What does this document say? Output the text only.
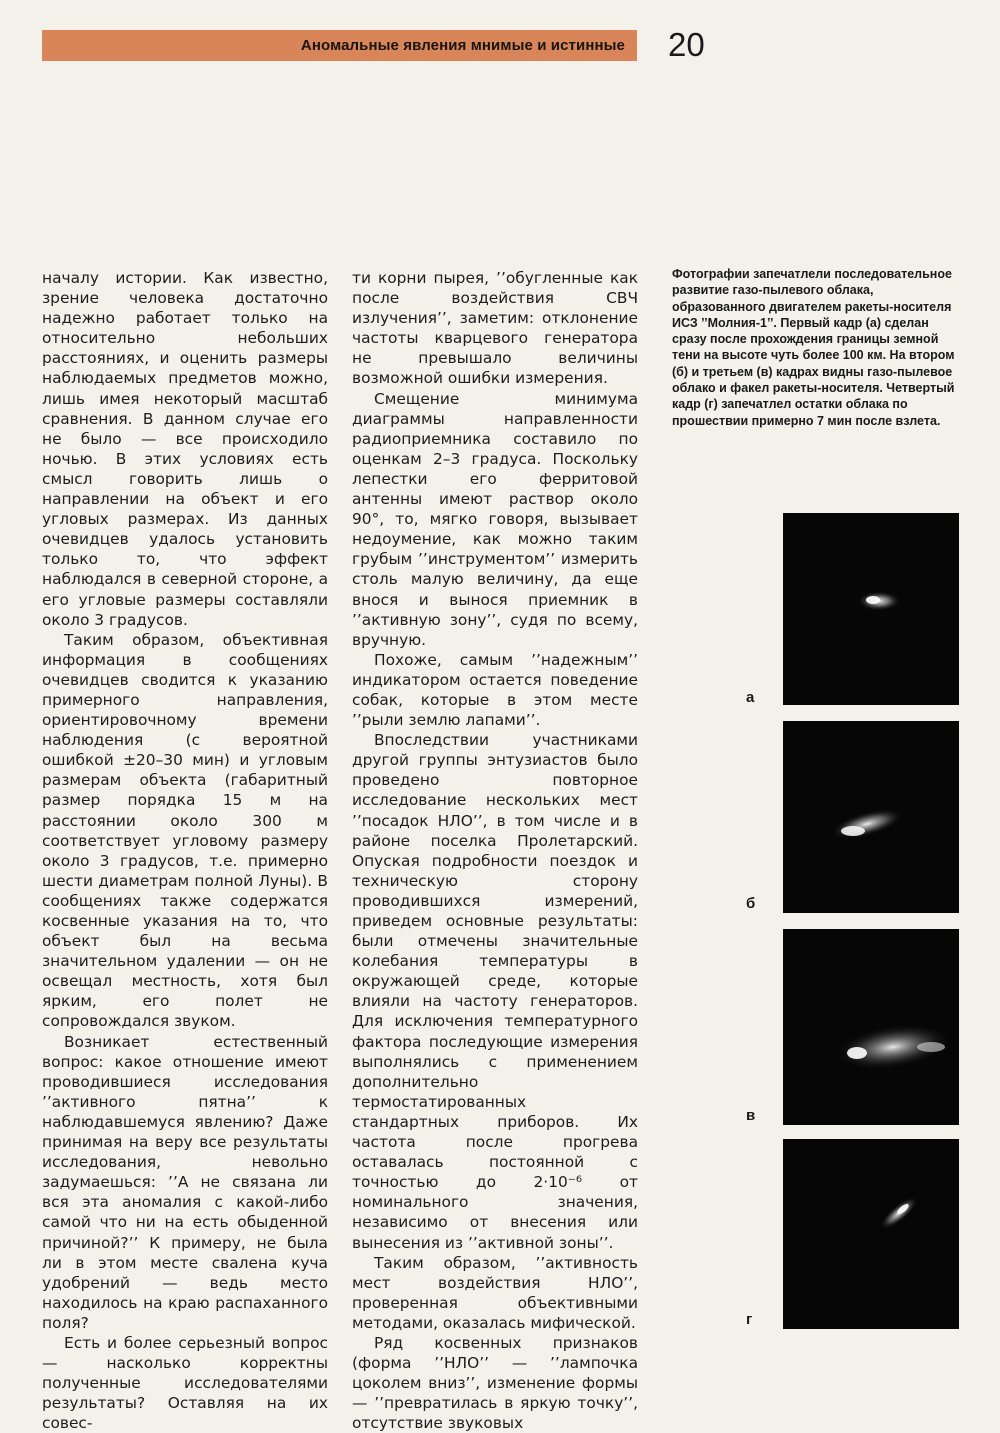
Аномальные явления мнимые и истинные 20

началу истории. Как известно, зрение человека достаточно надежно работает только на относительно небольших расстояниях, и оценить размеры наблюдаемых предметов можно, лишь имея некоторый масштаб сравнения. В данном случае его не было — все происходило ночью. В этих условиях есть смысл говорить лишь о направлении на объект и его угловых размерах. Из данных очевидцев удалось установить только то, что эффект наблюдался в северной стороне, а его угловые размеры составляли около 3 градусов.

Таким образом, объективная информация в сообщениях очевидцев сводится к указанию примерного направления, ориентировочному времени наблюдения (с вероятной ошибкой ±20–30 мин) и угловым размерам объекта (габаритный размер порядка 15 м на расстоянии около 300 м соответствует угловому размеру около 3 градусов, т.е. примерно шести диаметрам полной Луны). В сообщениях также содержатся косвенные указания на то, что объект был на весьма значительном удалении — он не освещал местность, хотя был ярким, его полет не сопровождался звуком.

Возникает естественный вопрос: какое отношение имеют проводившиеся исследования ’’активного пятна’’ к наблюдавшемуся явлению? Даже принимая на веру все результаты исследования, невольно задумаешься: ’’А не связана ли вся эта аномалия с какой-либо самой что ни на есть обыденной причиной?’’ К примеру, не была ли в этом месте свалена куча удобрений — ведь место находилось на краю распаханного поля?

Есть и более серьезный вопрос — насколько корректны полученные исследователями результаты? Оставляя на их совес-

ти корни пырея, ’’обугленные как после воздействия СВЧ излучения’’, заметим: отклонение частоты кварцевого генератора не превышало величины возможной ошибки измерения.

Смещение минимума диаграммы направленности радиоприемника составило по оценкам 2–3 градуса. Поскольку лепестки его ферритовой антенны имеют раствор около 90°, то, мягко говоря, вызывает недоумение, как можно таким грубым ’’инструментом’’ измерить столь малую величину, да еще внося и вынося приемник в ’’активную зону’’, судя по всему, вручную.

Похоже, самым ’’надежным’’ индикатором остается поведение собак, которые в этом месте ’’рыли землю лапами’’.

Впоследствии участниками другой группы энтузиастов было проведено повторное исследование нескольких мест ’’посадок НЛО’’, в том числе и в районе поселка Пролетарский. Опуская подробности поездок и техническую сторону проводившихся измерений, приведем основные результаты: были отмечены значительные колебания температуры в окружающей среде, которые влияли на частоту генераторов. Для исключения температурного фактора последующие измерения выполнялись с применением дополнительно термостатированных стандартных приборов. Их частота после прогрева оставалась постоянной с точностью до 2·10⁻⁶ от номинального значения, независимо от внесения или вынесения из ’’активной зоны’’.

Таким образом, ’’активность мест воздействия НЛО’’, проверенная объективными методами, оказалась мифической.

Ряд косвенных признаков (форма ’’НЛО’’ — ’’лампочка цоколем вниз’’, изменение формы — ’’превратилась в яркую точку’’, отсутствие звуковых

Фотографии запечатлели последовательное развитие газо-пылевого облака, образованного двигателем ракеты-носителя ИСЗ ’’Молния-1’’. Первый кадр (а) сделан сразу после прохождения границы земной тени на высоте чуть более 100 км. На втором (б) и третьем (в) кадрах видны газо-пылевое облако и факел ракеты-носителя. Четвертый кадр (г) запечатлел остатки облака по прошествии примерно 7 мин после взлета.
а
б
в
г
